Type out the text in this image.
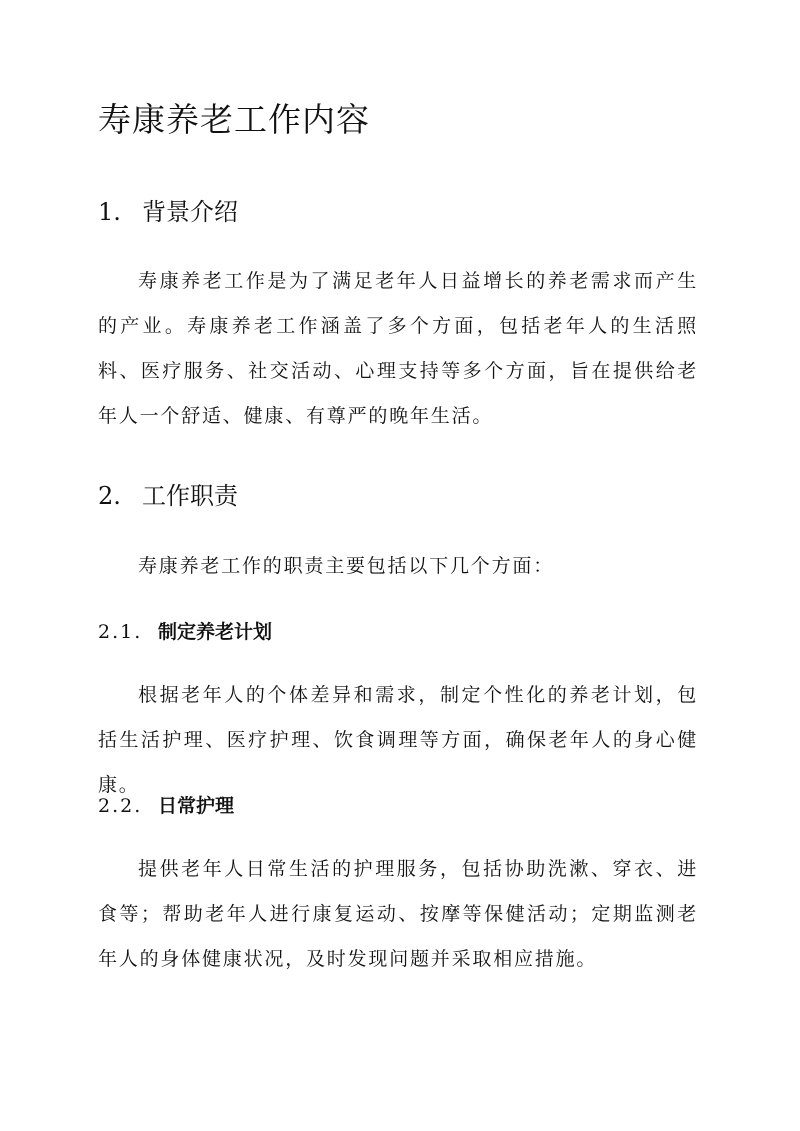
寿康养老工作内容
1. 背景介绍

寿康养老工作是为了满足老年人日益增长的养老需求而产生的产业。寿康养老工作涵盖了多个方面，包括老年人的生活照料、医疗服务、社交活动、心理支持等多个方面，旨在提供给老年人一个舒适、健康、有尊严的晚年生活。

2. 工作职责

寿康养老工作的职责主要包括以下几个方面：

2.1. 制定养老计划

根据老年人的个体差异和需求，制定个性化的养老计划，包括生活护理、医疗护理、饮食调理等方面，确保老年人的身心健康。

2.2. 日常护理

提供老年人日常生活的护理服务，包括协助洗漱、穿衣、进食等；帮助老年人进行康复运动、按摩等保健活动；定期监测老年人的身体健康状况，及时发现问题并采取相应措施。
